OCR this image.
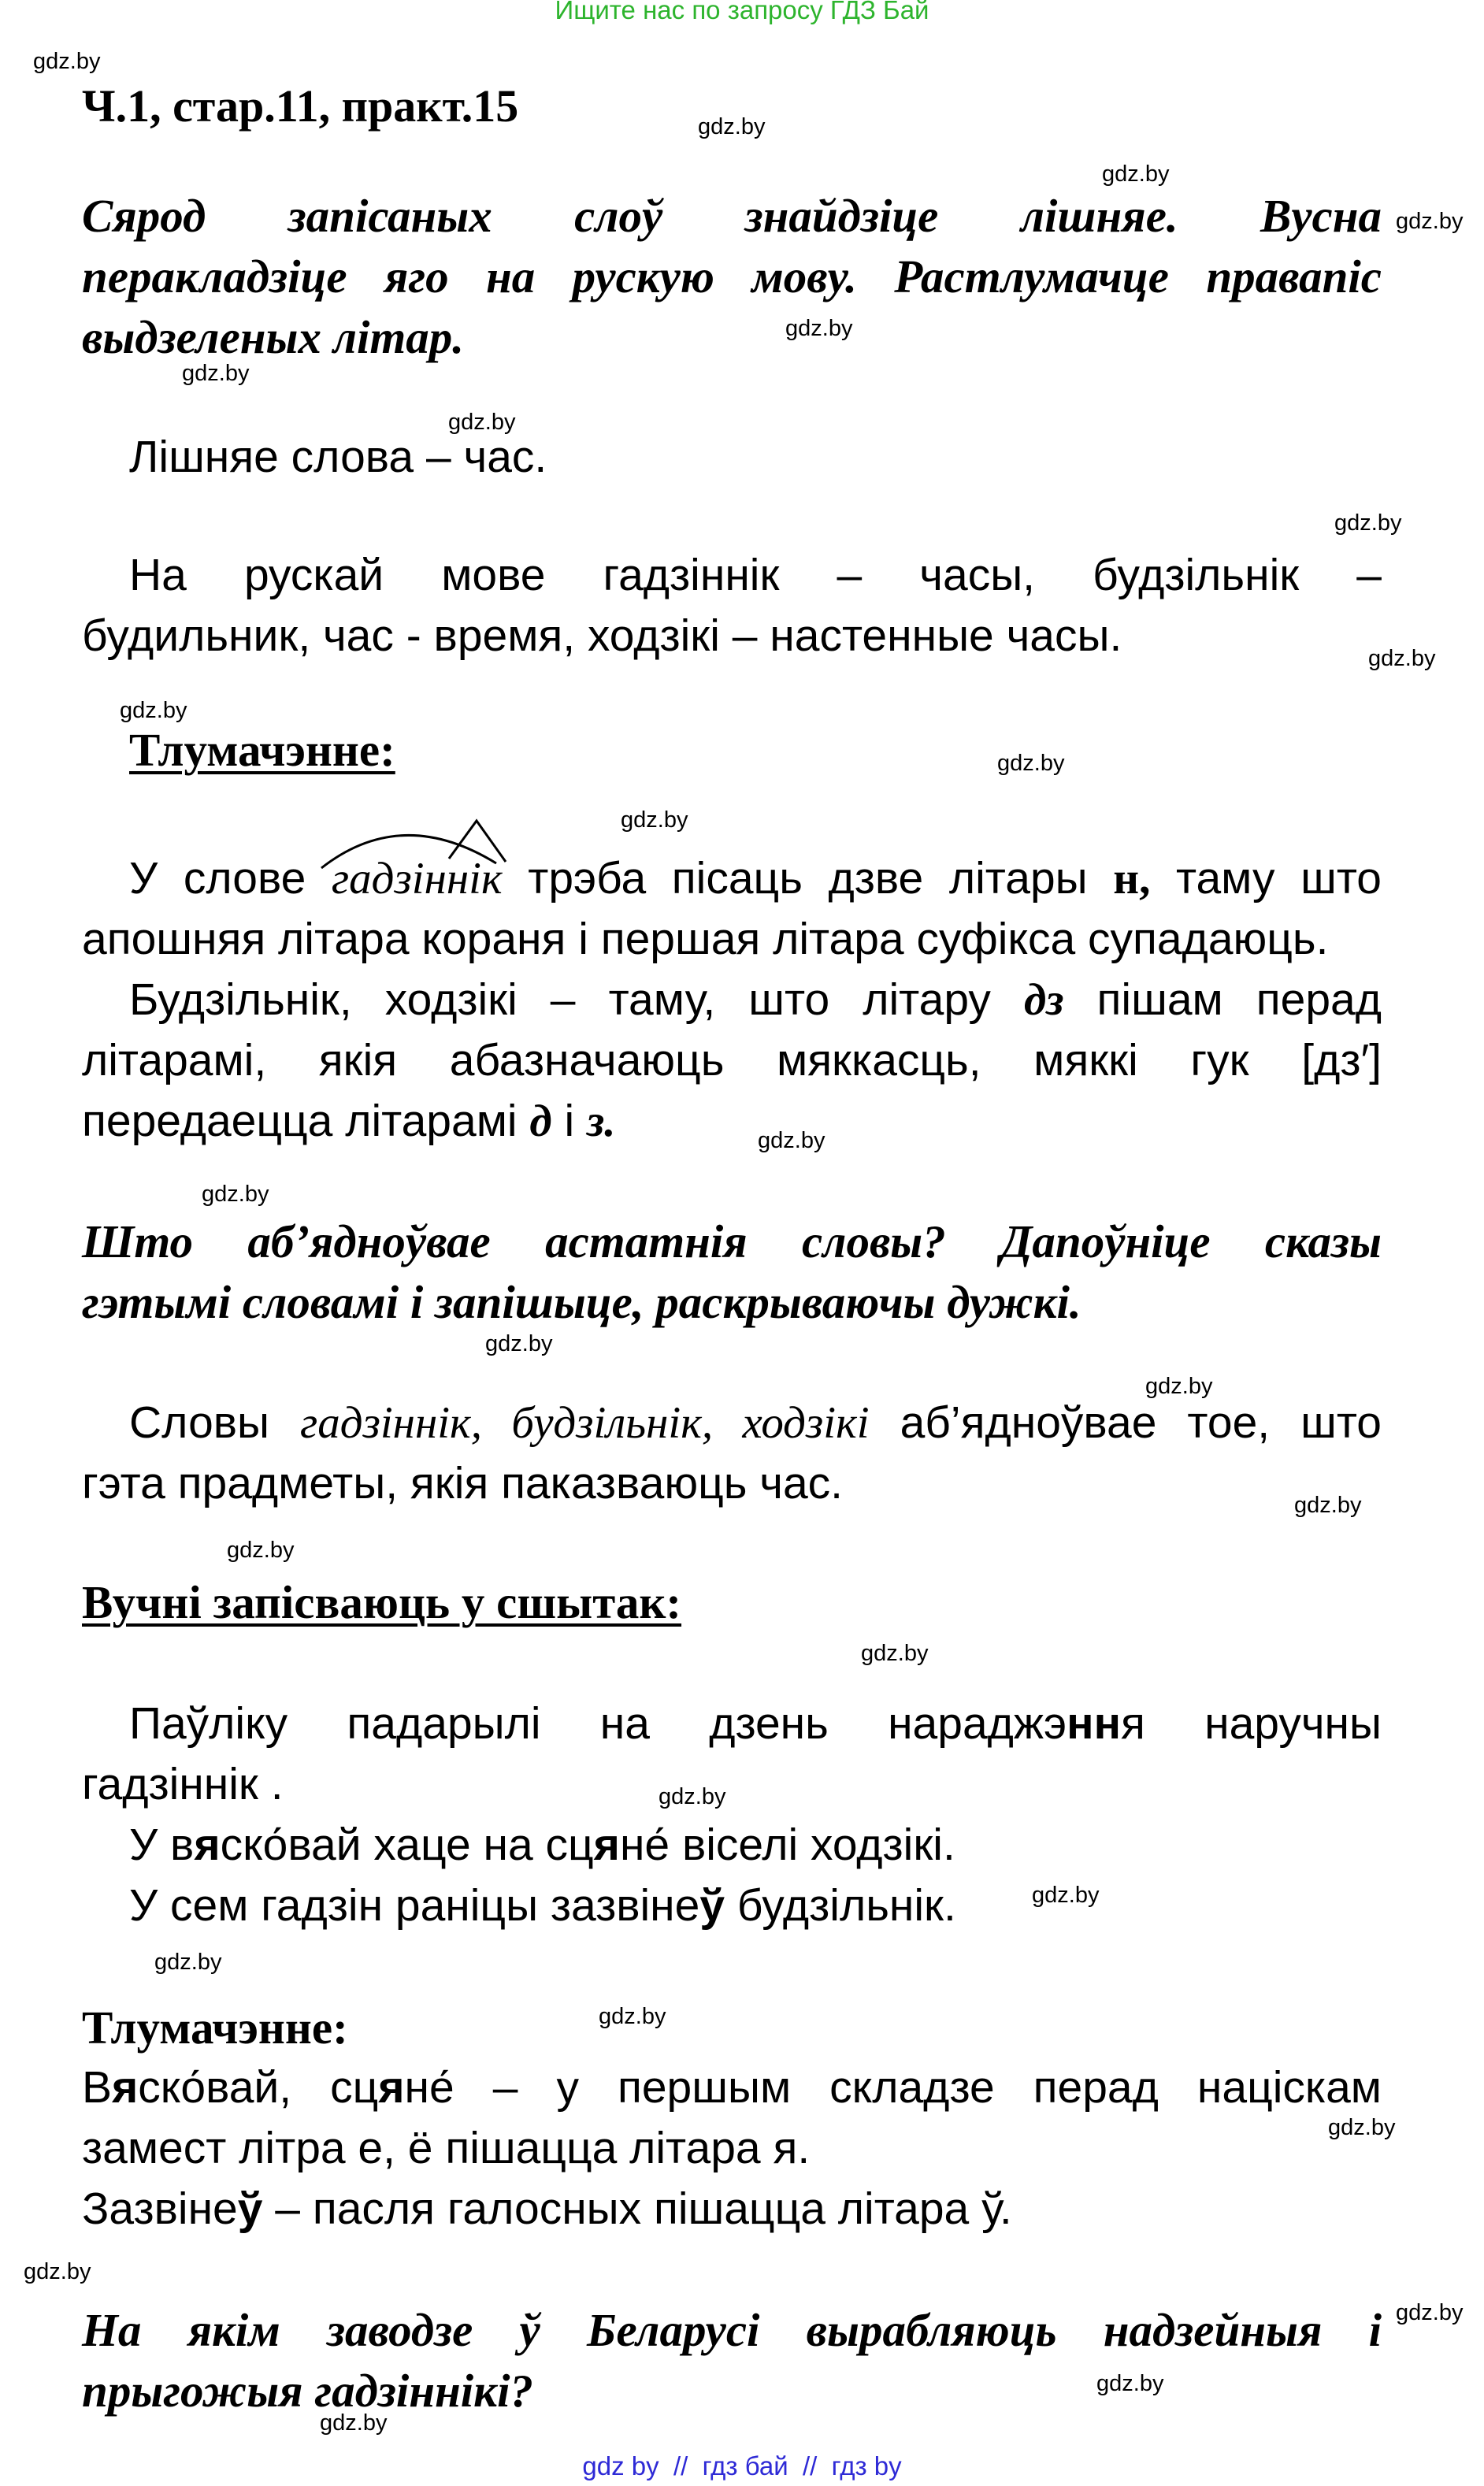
Ищите нас по запросу ГДЗ Бай
gdz.by
gdz.by
gdz.by
gdz.by
gdz.by
gdz.by
gdz.by
gdz.by
gdz.by
gdz.by
gdz.by
gdz.by
gdz.by
gdz.by
gdz.by
gdz.by
gdz.by
gdz.by
gdz.by
gdz.by
gdz.by
gdz.by
gdz.by
gdz.by
gdz.by
gdz.by
gdz.by
gdz.by
Ч.1, стар.11, практ.15
Сярод запісаных слоў знайдзіце лішняе. Вусна
перакладзіце яго на рускую мову. Растлумачце правапіс
выдзеленых літар.
Лішняе слова – час.
На рускай мове гадзіннік – часы, будзільнік –
будильник, час - время, ходзікі – настенные часы.
Тлумачэнне:
У слове гадзіннік трэба пісаць дзве літары н, таму што
апошняя літара кораня і першая літара суфікса супадаюць.
Будзільнік, ходзікі – таму, што літару дз пішам перад
літарамі, якія абазначаюць мяккасць, мяккі гук [дз′]
передаецца літарамі д і з.
Што аб’ядноўвае астатнія словы? Дапоўніце сказы
гэтымі словамі і запішыце, раскрываючы дужкі.
Словы гадзіннік, будзільнік, ходзікі аб’ядноўвае тое, што
гэта прадметы, якія паказваюць час.
Вучні запісваюць у сшытак:
Паўліку падарылі на дзень нараджэння наручны
гадзіннік .
У вяско ́вай хаце на сцяне ́ віселі ходзікі.
У сем гадзін раніцы зазвінеў будзільнік.
Тлумачэнне:
Вяско ́вай, сцяне ́ – у першым складзе перад націскам
замест літра е, ё пішацца літара я.
Зазвінеў – пасля галосных пішацца літара ў.
На якім заводзе ў Беларусі вырабляюць надзейныя і
прыгожыя гадзіннікі?
gdz by  //  гдз бай  //  гдз by
